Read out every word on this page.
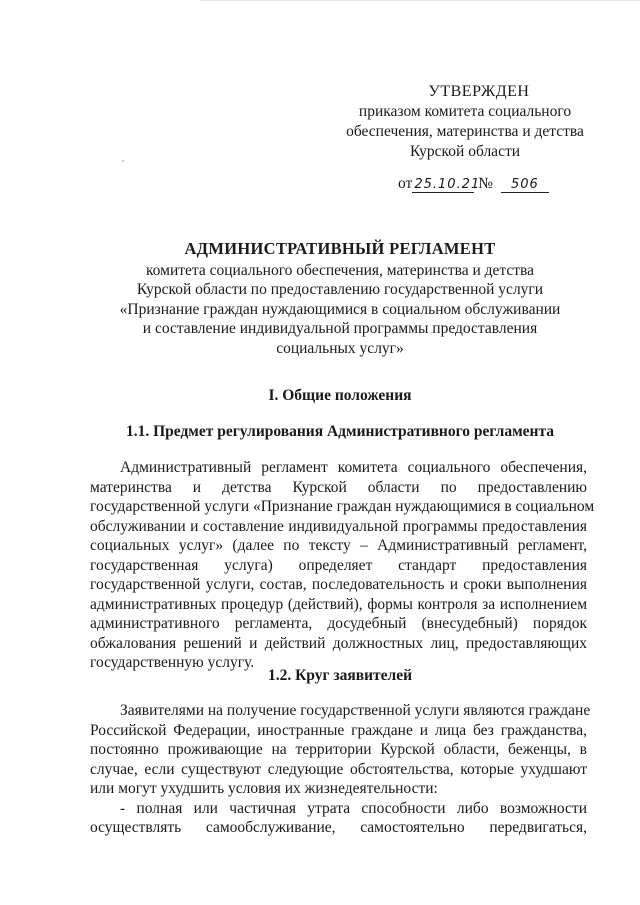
УТВЕРЖДЕН
приказом комитета социального
обеспечения, материнства и детства
Курской области
от 25.10.21 № 506
АДМИНИСТРАТИВНЫЙ РЕГЛАМЕНТ
комитета социального обеспечения, материнства и детства
Курской области по предоставлению государственной услуги
«Признание граждан нуждающимися в социальном обслуживании
и составление индивидуальной программы предоставления
социальных услуг»
I. Общие положения
1.1. Предмет регулирования Административного регламента
Административный регламент комитета социального обеспечения,
материнства и детства Курской области по предоставлению
государственной услуги «Признание граждан нуждающимися в социальном
обслуживании и составление индивидуальной программы предоставления
социальных услуг» (далее по тексту – Административный регламент,
государственная услуга) определяет стандарт предоставления
государственной услуги, состав, последовательность и сроки выполнения
административных процедур (действий), формы контроля за исполнением
административного регламента, досудебный (внесудебный) порядок
обжалования решений и действий должностных лиц, предоставляющих
государственную услугу.
1.2. Круг заявителей
Заявителями на получение государственной услуги являются граждане
Российской Федерации, иностранные граждане и лица без гражданства,
постоянно проживающие на территории Курской области, беженцы, в
случае, если существуют следующие обстоятельства, которые ухудшают
или могут ухудшить условия их жизнедеятельности:
- полная или частичная утрата способности либо возможности
осуществлять самообслуживание, самостоятельно передвигаться,
